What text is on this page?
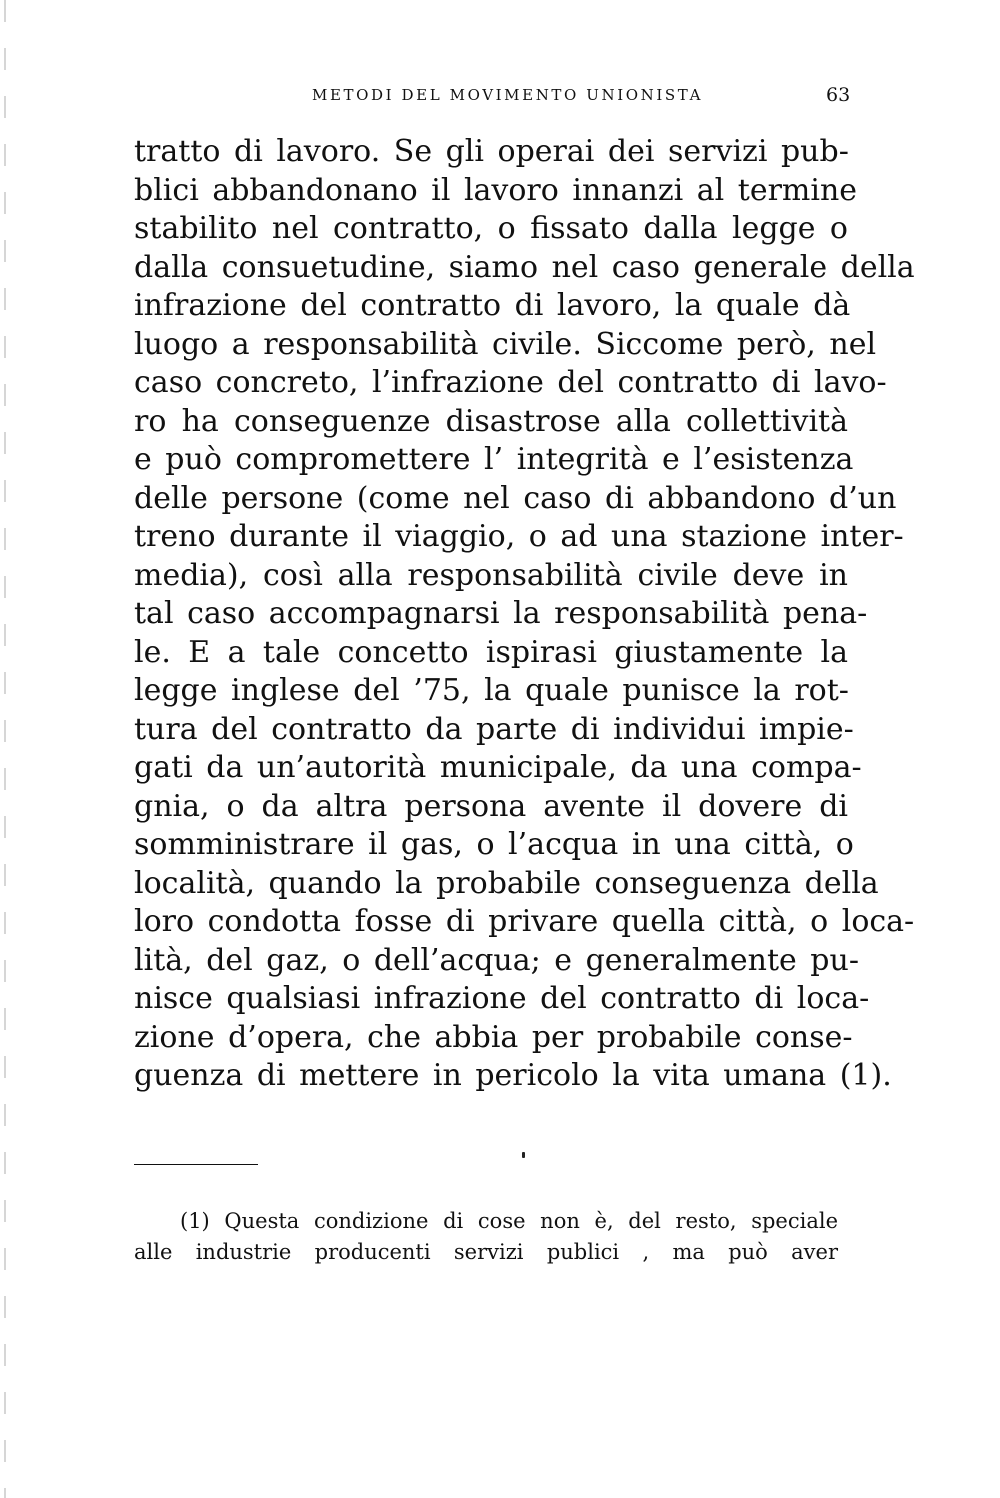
METODI DEL MOVIMENTO UNIONISTA	63
tratto di lavoro. Se gli operai dei servizi pub-
blici abbandonano il lavoro innanzi al termine
stabilito nel contratto, o fissato dalla legge o
dalla consuetudine, siamo nel caso generale della
infrazione del contratto di lavoro, la quale dà
luogo a responsabilità civile. Siccome però, nel
caso concreto, l’infrazione del contratto di lavo-
ro ha conseguenze disastrose alla collettività
e può compromettere l’ integrità e l’esistenza
delle persone (come nel caso di abbandono d’un
treno durante il viaggio, o ad una stazione inter-
media), così alla responsabilità civile deve in
tal caso accompagnarsi la responsabilità pena-
le. E a tale concetto ispirasi giustamente la
legge inglese del ’75, la quale punisce la rot-
tura del contratto da parte di individui impie-
gati da un’autorità municipale, da una compa-
gnia, o da altra persona avente il dovere di
somministrare il gas, o l’acqua in una città, o
località, quando la probabile conseguenza della
loro condotta fosse di privare quella città, o loca-
lità, del gaz, o dell’acqua; e generalmente pu-
nisce qualsiasi infrazione del contratto di loca-
zione d’opera, che abbia per probabile conse-
guenza di mettere in pericolo la vita umana (1).
(1) Questa condizione di cose non è, del resto, speciale
alle industrie producenti servizi publici , ma può aver
